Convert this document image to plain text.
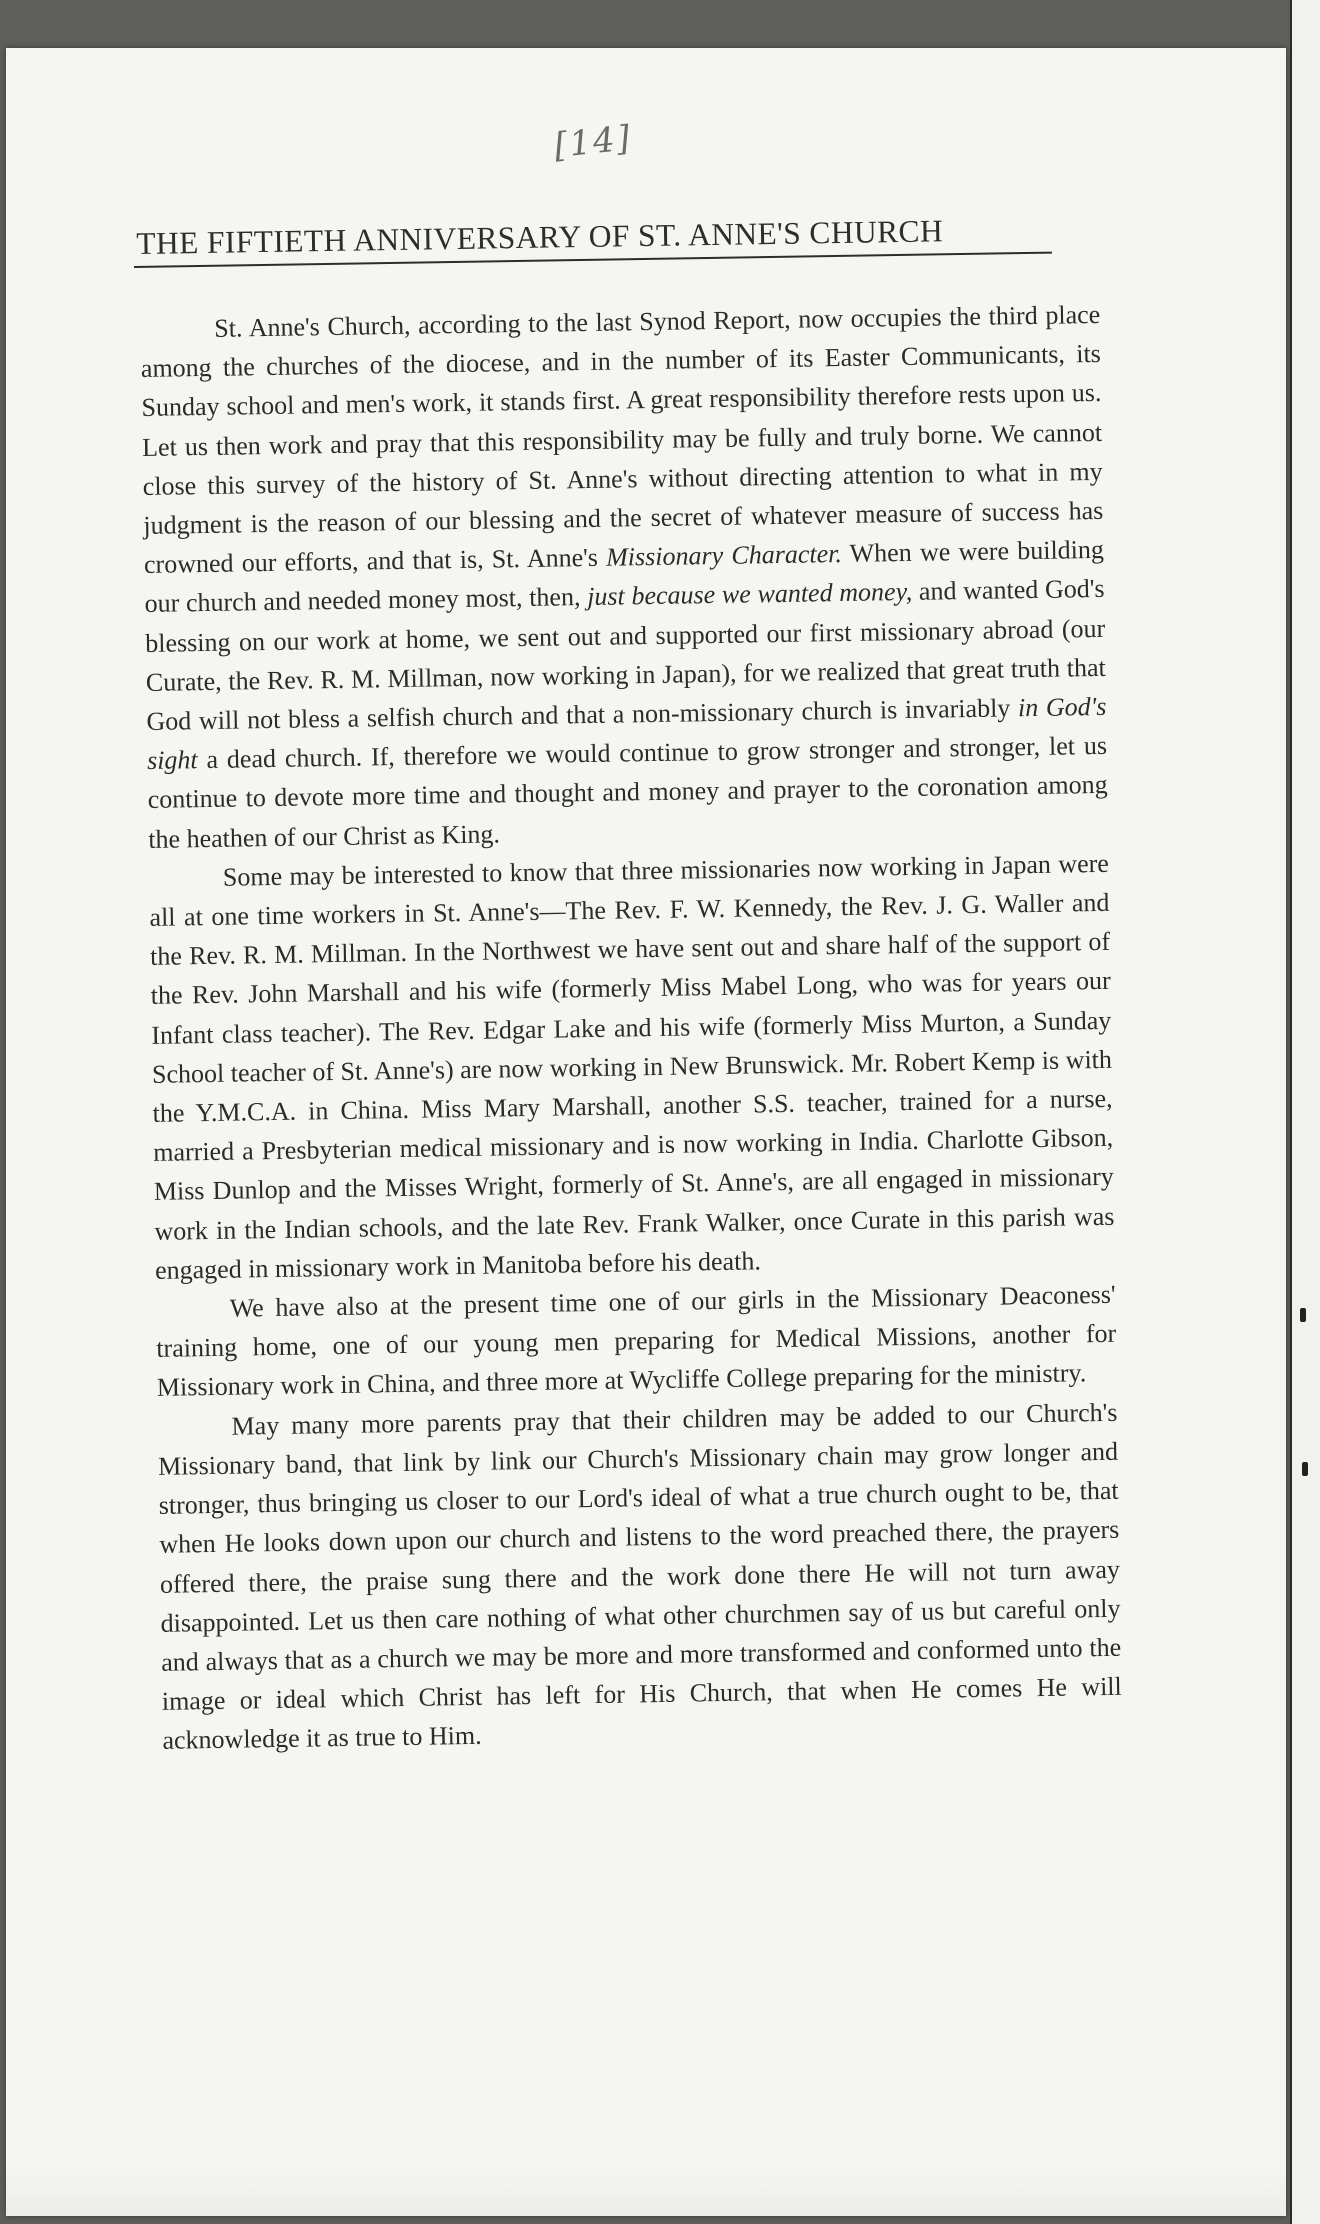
[14]
THE FIFTIETH ANNIVERSARY OF ST. ANNE'S CHURCH

St. Anne's Church, according to the last Synod Report, now occupies the third place among the churches of the diocese, and in the number of its Easter Communicants, its Sunday school and men's work, it stands first. A great responsibility therefore rests upon us. Let us then work and pray that this responsibility may be fully and truly borne. We cannot close this survey of the history of St. Anne's without directing attention to what in my judgment is the reason of our blessing and the secret of whatever measure of success has crowned our efforts, and that is, St. Anne's Missionary Character. When we were building our church and needed money most, then, just because we wanted money, and wanted God's blessing on our work at home, we sent out and supported our first missionary abroad (our Curate, the Rev. R. M. Millman, now working in Japan), for we realized that great truth that God will not bless a selfish church and that a non-missionary church is invariably in God's sight a dead church. If, therefore we would continue to grow stronger and stronger, let us continue to devote more time and thought and money and prayer to the coronation among the heathen of our Christ as King.

Some may be interested to know that three missionaries now working in Japan were all at one time workers in St. Anne's—The Rev. F. W. Kennedy, the Rev. J. G. Waller and the Rev. R. M. Millman. In the Northwest we have sent out and share half of the support of the Rev. John Marshall and his wife (formerly Miss Mabel Long, who was for years our Infant class teacher). The Rev. Edgar Lake and his wife (formerly Miss Murton, a Sunday School teacher of St. Anne's) are now working in New Brunswick. Mr. Robert Kemp is with the Y.M.C.A. in China. Miss Mary Marshall, another S.S. teacher, trained for a nurse, married a Presbyterian medical missionary and is now working in India. Charlotte Gibson, Miss Dunlop and the Misses Wright, formerly of St. Anne's, are all engaged in missionary work in the Indian schools, and the late Rev. Frank Walker, once Curate in this parish was engaged in missionary work in Manitoba before his death.

We have also at the present time one of our girls in the Missionary Deaconess' training home, one of our young men preparing for Medical Missions, another for Missionary work in China, and three more at Wycliffe College preparing for the ministry.

May many more parents pray that their children may be added to our Church's Missionary band, that link by link our Church's Missionary chain may grow longer and stronger, thus bringing us closer to our Lord's ideal of what a true church ought to be, that when He looks down upon our church and listens to the word preached there, the prayers offered there, the praise sung there and the work done there He will not turn away disappointed. Let us then care nothing of what other churchmen say of us but careful only and always that as a church we may be more and more transformed and conformed unto the image or ideal which Christ has left for His Church, that when He comes He will acknowledge it as true to Him.
